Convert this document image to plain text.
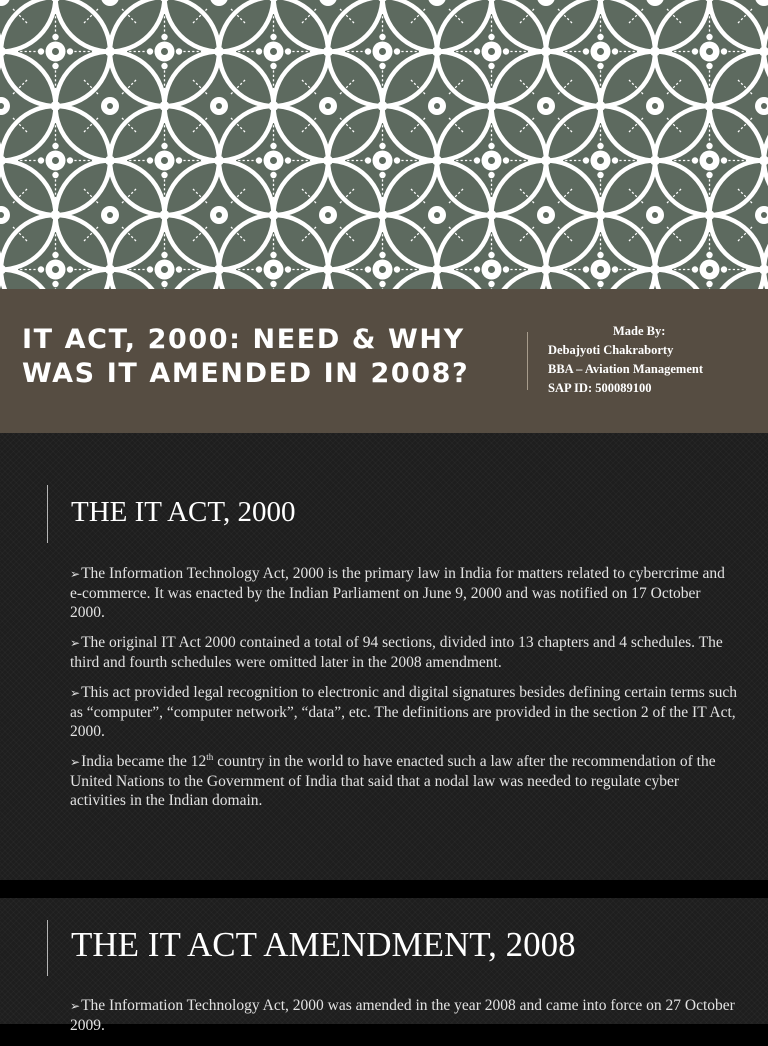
IT ACT, 2000: NEED & WHY WAS IT AMENDED IN 2008?
Made By:
Debajyoti Chakraborty
BBA – Aviation Management
SAP ID: 500089100
THE IT ACT, 2000
➢The Information Technology Act, 2000 is the primary law in India for matters related to cybercrime and e-commerce. It was enacted by the Indian Parliament on June 9, 2000 and was notified on 17 October 2000.
➢The original IT Act 2000 contained a total of 94 sections, divided into 13 chapters and 4 schedules. The third and fourth schedules were omitted later in the 2008 amendment.
➢This act provided legal recognition to electronic and digital signatures besides defining certain terms such as “computer”, “computer network”, “data”, etc. The definitions are provided in the section 2 of the IT Act, 2000.
➢India became the 12th country in the world to have enacted such a law after the recommendation of the United Nations to the Government of India that said that a nodal law was needed to regulate cyber activities in the Indian domain.
THE IT ACT AMENDMENT, 2008
➢The Information Technology Act, 2000 was amended in the year 2008 and came into force on 27 October 2009.
